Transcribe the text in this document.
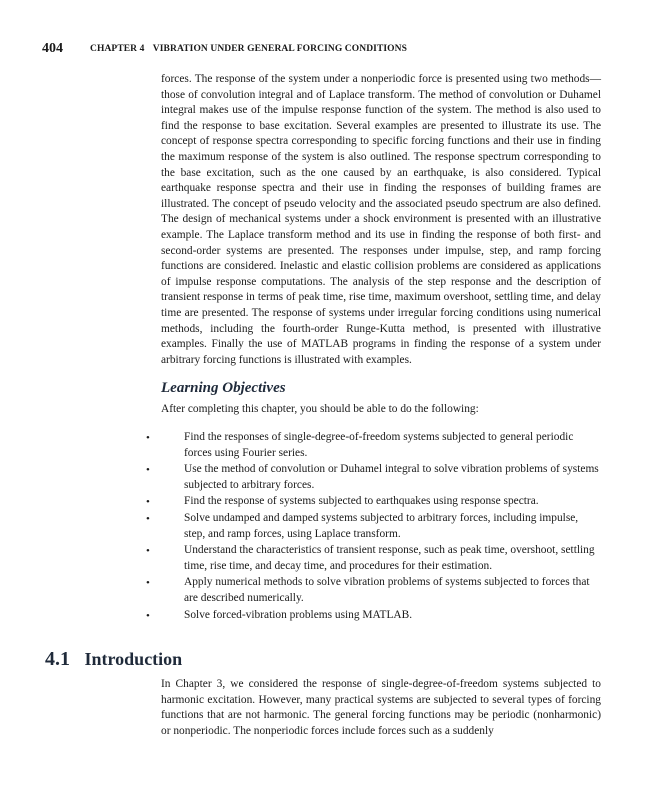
404	CHAPTER 4 VIBRATION UNDER GENERAL FORCING CONDITIONS

forces. The response of the system under a nonperiodic force is presented using two methods—those of convolution integral and of Laplace transform. The method of convolution or Duhamel integral makes use of the impulse response function of the system. The method is also used to find the response to base excitation. Several examples are presented to illustrate its use. The concept of response spectra corresponding to specific forcing functions and their use in finding the maximum response of the system is also outlined. The response spectrum corresponding to the base excitation, such as the one caused by an earthquake, is also considered. Typical earthquake response spectra and their use in finding the responses of building frames are illustrated. The concept of pseudo velocity and the associated pseudo spectrum are also defined. The design of mechanical systems under a shock environment is presented with an illustrative example. The Laplace transform method and its use in finding the response of both first- and second-order systems are presented. The responses under impulse, step, and ramp forcing functions are considered. Inelastic and elastic collision problems are considered as applications of impulse response computations. The analysis of the step response and the description of transient response in terms of peak time, rise time, maximum overshoot, settling time, and delay time are presented. The response of systems under irregular forcing conditions using numerical methods, including the fourth-order Runge-Kutta method, is presented with illustrative examples. Finally the use of MATLAB programs in finding the response of a system under arbitrary forcing functions is illustrated with examples.

Learning Objectives
After completing this chapter, you should be able to do the following:
•	Find the responses of single-degree-of-freedom systems subjected to general periodic forces using Fourier series.
•	Use the method of convolution or Duhamel integral to solve vibration problems of systems subjected to arbitrary forces.
•	Find the response of systems subjected to earthquakes using response spectra.
•	Solve undamped and damped systems subjected to arbitrary forces, including impulse, step, and ramp forces, using Laplace transform.
•	Understand the characteristics of transient response, such as peak time, overshoot, settling time, rise time, and decay time, and procedures for their estimation.
•	Apply numerical methods to solve vibration problems of systems subjected to forces that are described numerically.
•	Solve forced-vibration problems using MATLAB.
4.1 Introduction

In Chapter 3, we considered the response of single-degree-of-freedom systems subjected to harmonic excitation. However, many practical systems are subjected to several types of forcing functions that are not harmonic. The general forcing functions may be periodic (nonharmonic) or nonperiodic. The nonperiodic forces include forces such as a suddenly
